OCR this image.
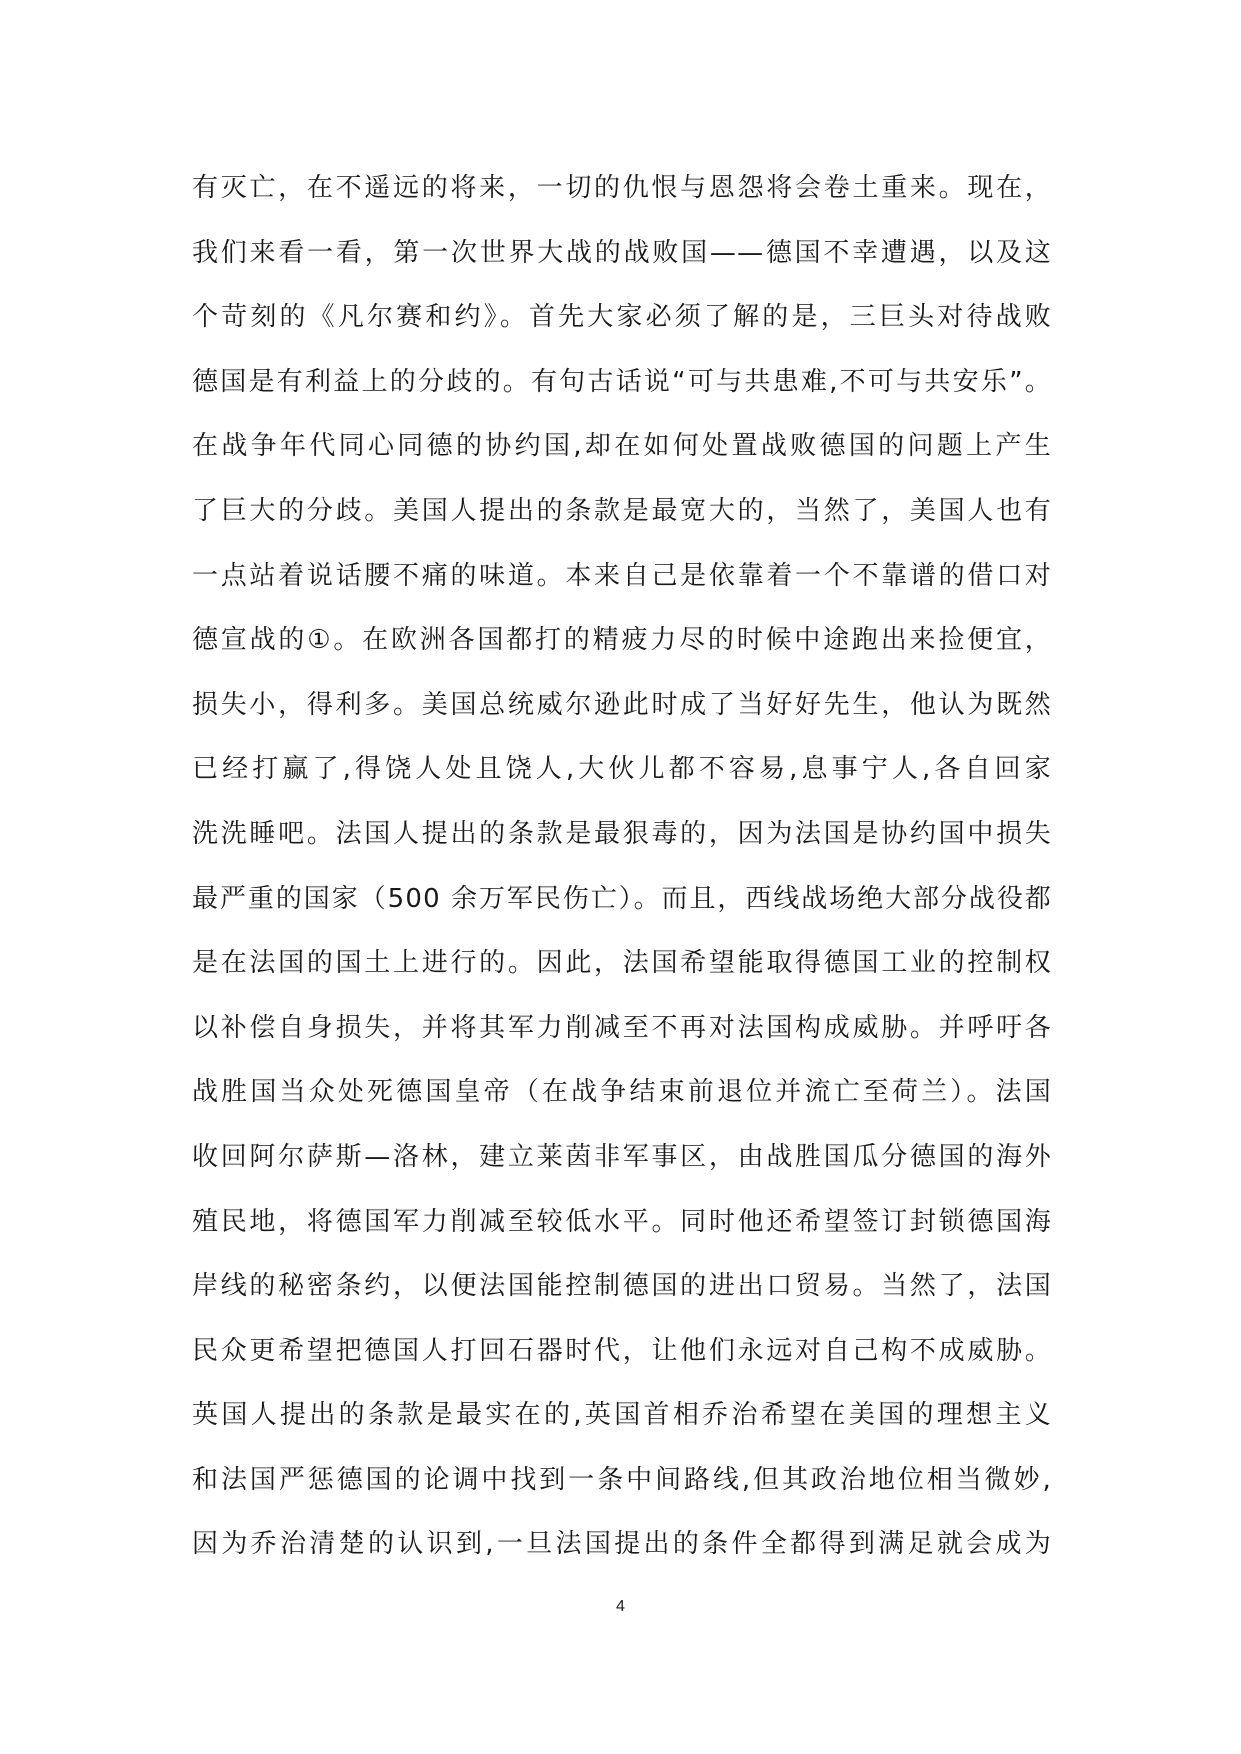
有灭亡，在不遥远的将来，一切的仇恨与恩怨将会卷土重来。现在，
我们来看一看，第一次世界大战的战败国——德国不幸遭遇，以及这
个苛刻的《凡尔赛和约》。首先大家必须了解的是，三巨头对待战败
德国是有利益上的分歧的。有句古话说“可与共患难,不可与共安乐”。
在战争年代同心同德的协约国,却在如何处置战败德国的问题上产生
了巨大的分歧。美国人提出的条款是最宽大的，当然了，美国人也有
一点站着说话腰不痛的味道。本来自己是依靠着一个不靠谱的借口对
德宣战的①。在欧洲各国都打的精疲力尽的时候中途跑出来捡便宜，
损失小，得利多。美国总统威尔逊此时成了当好好先生，他认为既然
已经打赢了,得饶人处且饶人,大伙儿都不容易,息事宁人,各自回家
洗洗睡吧。法国人提出的条款是最狠毒的，因为法国是协约国中损失
最严重的国家（500 余万军民伤亡）。而且，西线战场绝大部分战役都
是在法国的国土上进行的。因此，法国希望能取得德国工业的控制权
以补偿自身损失，并将其军力削减至不再对法国构成威胁。并呼吁各
战胜国当众处死德国皇帝（在战争结束前退位并流亡至荷兰）。法国
收回阿尔萨斯—洛林，建立莱茵非军事区，由战胜国瓜分德国的海外
殖民地，将德国军力削减至较低水平。同时他还希望签订封锁德国海
岸线的秘密条约，以便法国能控制德国的进出口贸易。当然了，法国
民众更希望把德国人打回石器时代，让他们永远对自己构不成威胁。
英国人提出的条款是最实在的,英国首相乔治希望在美国的理想主义
和法国严惩德国的论调中找到一条中间路线,但其政治地位相当微妙,
因为乔治清楚的认识到,一旦法国提出的条件全都得到满足就会成为
4
